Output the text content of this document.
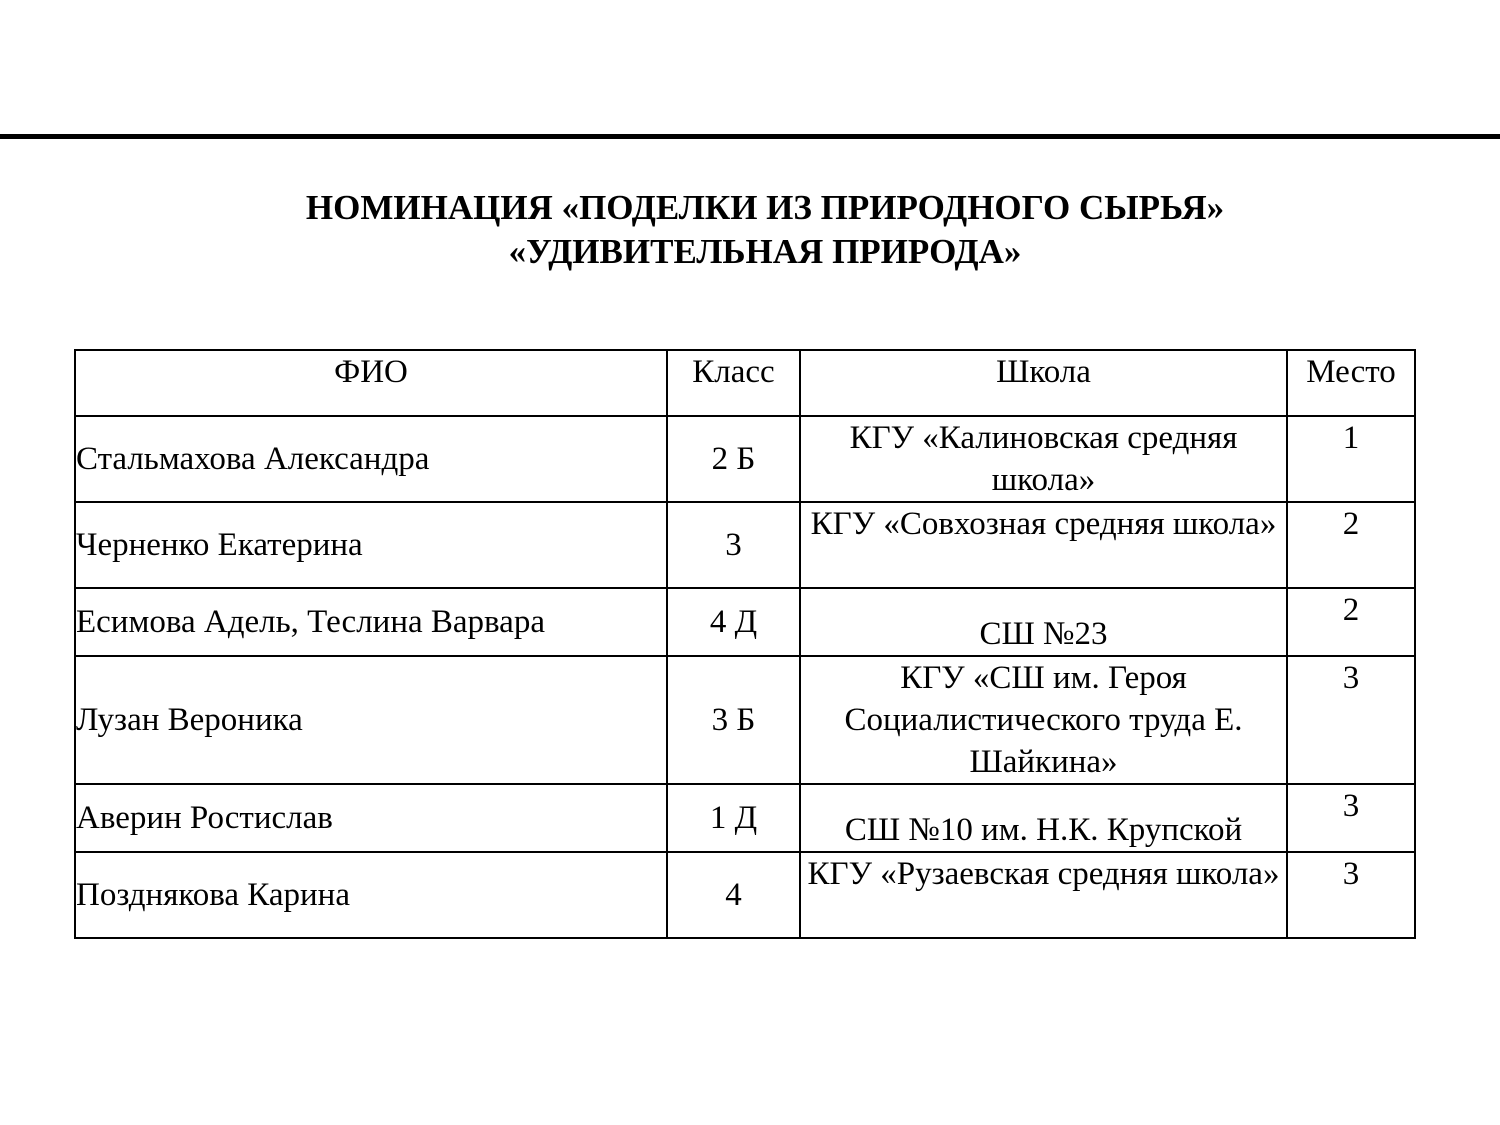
НОМИНАЦИЯ «ПОДЕЛКИ ИЗ ПРИРОДНОГО СЫРЬЯ»
«УДИВИТЕЛЬНАЯ ПРИРОДА»
ФИО	Класс	Школа	Место
Стальмахова Александра	2 Б	КГУ «Калиновская средняя школа»	1
Черненко Екатерина	3	КГУ «Совхозная средняя школа»	2
Есимова Адель, Теслина Варвара	4 Д	СШ №23	2
Лузан Вероника	3 Б	КГУ «СШ им. Героя Социалистического труда Е. Шайкина»	3
Аверин Ростислав	1 Д	СШ №10 им. Н.К. Крупской	3
Позднякова Карина	4	КГУ «Рузаевская средняя школа»	3
